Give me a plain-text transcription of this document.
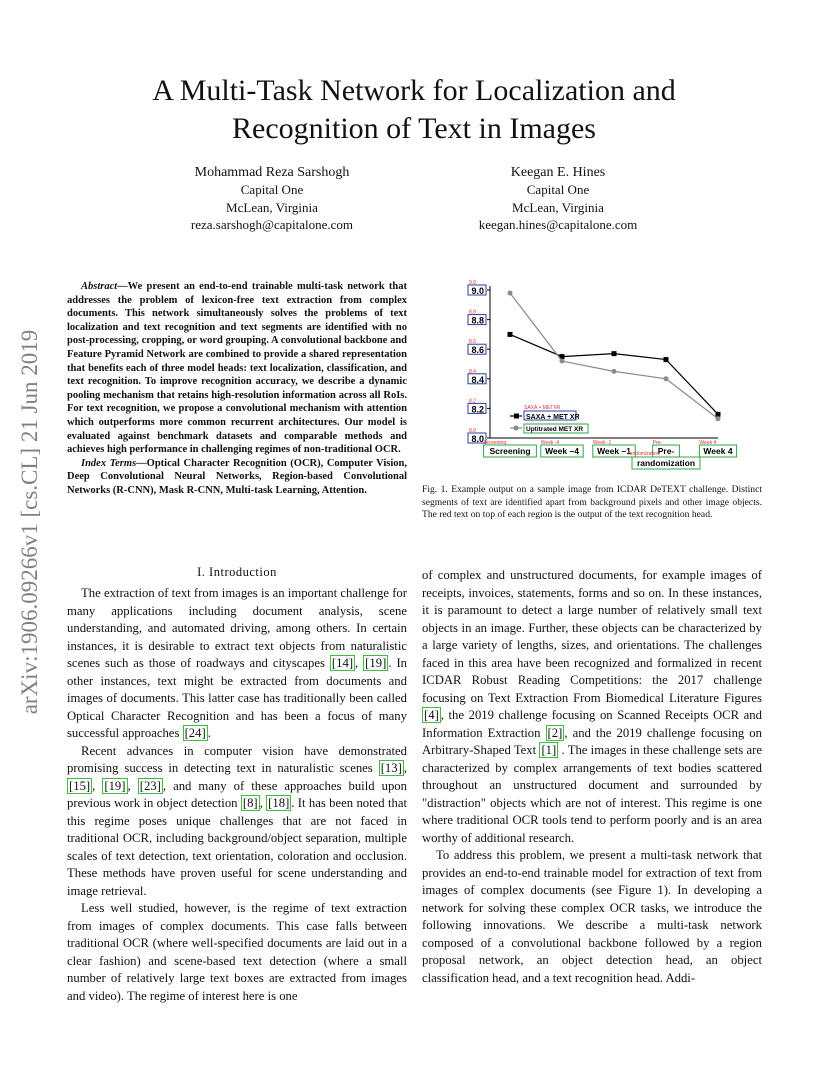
A Multi-Task Network for Localization and
Recognition of Text in Images
Mohammad Reza Sarshogh
Capital One
McLean, Virginia
reza.sarshogh@capitalone.com
Keegan E. Hines
Capital One
McLean, Virginia
keegan.hines@capitalone.com
arXiv:1906.09266v1 [cs.CL] 21 Jun 2019

Abstract—We present an end-to-end trainable multi-task network that addresses the problem of lexicon-free text extraction from complex documents. This network simultaneously solves the problems of text localization and text recognition and text segments are identified with no post-processing, cropping, or word grouping. A convolutional backbone and Feature Pyramid Network are combined to provide a shared representation that benefits each of three model heads: text localization, classification, and text recognition. To improve recognition accuracy, we describe a dynamic pooling mechanism that retains high-resolution information across all RoIs. For text recognition, we propose a convolutional mechanism with attention which outperforms more common recurrent architectures. Our model is evaluated against benchmark datasets and comparable methods and achieves high performance in challenging regimes of non-traditional OCR.

Index Terms—Optical Character Recognition (OCR), Computer Vision, Deep Convolutional Neural Networks, Region-based Convolutional Networks (R-CNN), Mask R-CNN, Multi-task Learning, Attention.

I. Introduction

The extraction of text from images is an important challenge for many applications including document analysis, scene understanding, and automated driving, among others. In certain instances, it is desirable to extract text objects from naturalistic scenes such as those of roadways and cityscapes [14] , [19] . In other instances, text might be extracted from documents and images of documents. This latter case has traditionally been called Optical Character Recognition and has been a focus of many successful approaches [24] .

Recent advances in computer vision have demonstrated promising success in detecting text in naturalistic scenes [13] , [15] , [19] , [23] , and many of these approaches build upon previous work in object detection [8] , [18] . It has been noted that this regime poses unique challenges that are not faced in traditional OCR, including background/object separation, multiple scales of text detection, text orientation, coloration and occlusion. These methods have proven useful for scene understanding and image retrieval.

Less well studied, however, is the regime of text extraction from images of complex documents. This case falls between traditional OCR (where well-specified documents are laid out in a clear fashion) and scene-based text detection (where a small number of relatively large text boxes are extracted from images and video). The regime of interest here is one

8.0
8.0
8.2
8.2
8.4
8.4
8.6
8.6
8.8
8.8
9.0
9.0
Screening
Screening
Week –4
Week -4
Week –1
Week -1
Pre-
Pre-
Week 4
Week 4
randomization
randomization
SAXA + MET XR
SAXA + METXR
Uptitrated MET XR
Fig. 1. Example output on a sample image from ICDAR DeTEXT challenge. Distinct segments of text are identified apart from background pixels and other image objects. The red text on top of each region is the output of the text recognition head.

of complex and unstructured documents, for example images of receipts, invoices, statements, forms and so on. In these instances, it is paramount to detect a large number of relatively small text objects in an image. Further, these objects can be characterized by a large variety of lengths, sizes, and orientations. The challenges faced in this area have been recognized and formalized in recent ICDAR Robust Reading Competitions: the 2017 challenge focusing on Text Extraction From Biomedical Literature Figures [4] , the 2019 challenge focusing on Scanned Receipts OCR and Information Extraction [2] , and the 2019 challenge focusing on Arbitrary-Shaped Text [1] . The images in these challenge sets are characterized by complex arrangements of text bodies scattered throughout an unstructured document and surrounded by "distraction" objects which are not of interest. This regime is one where traditional OCR tools tend to perform poorly and is an area worthy of additional research.

To address this problem, we present a multi-task network that provides an end-to-end trainable model for extraction of text from images of complex documents (see Figure 1). In developing a network for solving these complex OCR tasks, we introduce the following innovations. We describe a multi-task network composed of a convolutional backbone followed by a region proposal network, an object detection head, an object classification head, and a text recognition head. Addi-
